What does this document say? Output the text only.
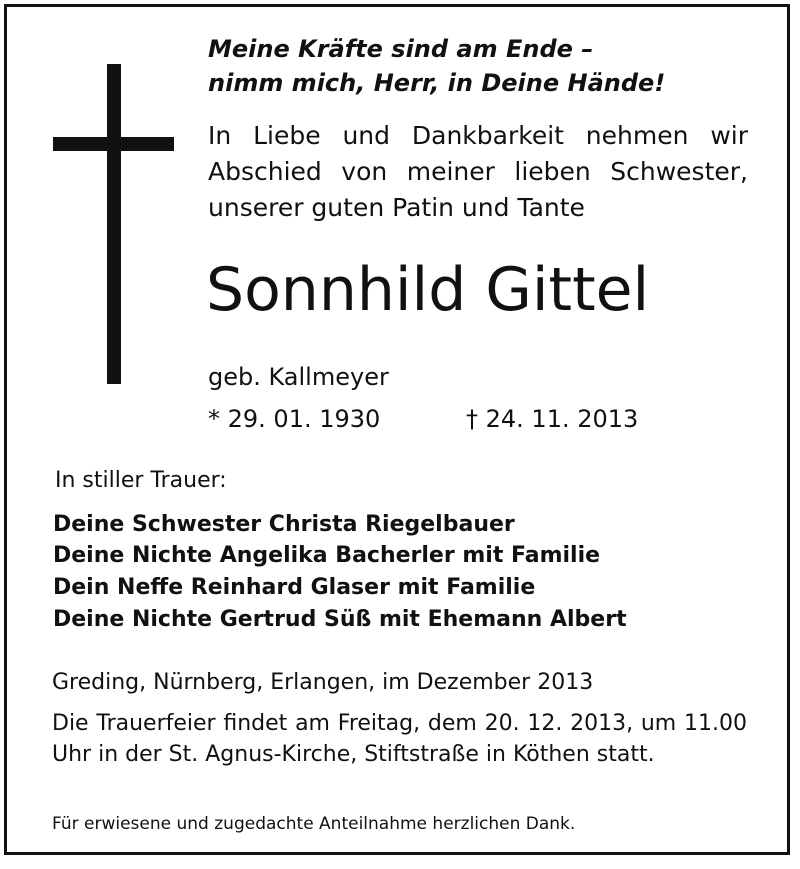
Meine Kräfte sind am Ende –

nimm mich, Herr, in Deine Hände!

In Liebe und Dankbarkeit nehmen wir Abschied von meiner lieben Schwester, unserer guten Patin und Tante

Sonnhild Gittel

geb. Kallmeyer

* 29. 01. 1930	† 24. 11. 2013

In stiller Trauer:

Deine Schwester Christa Riegelbauer

Deine Nichte Angelika Bacherler mit Familie

Dein Neffe Reinhard Glaser mit Familie

Deine Nichte Gertrud Süß mit Ehemann Albert

Greding, Nürnberg, Erlangen, im Dezember 2013

Die Trauerfeier findet am Freitag, dem 20. 12. 2013, um 11.00 Uhr in der St. Agnus-Kirche, Stiftstraße in Köthen statt.

Für erwiesene und zugedachte Anteilnahme herzlichen Dank.
